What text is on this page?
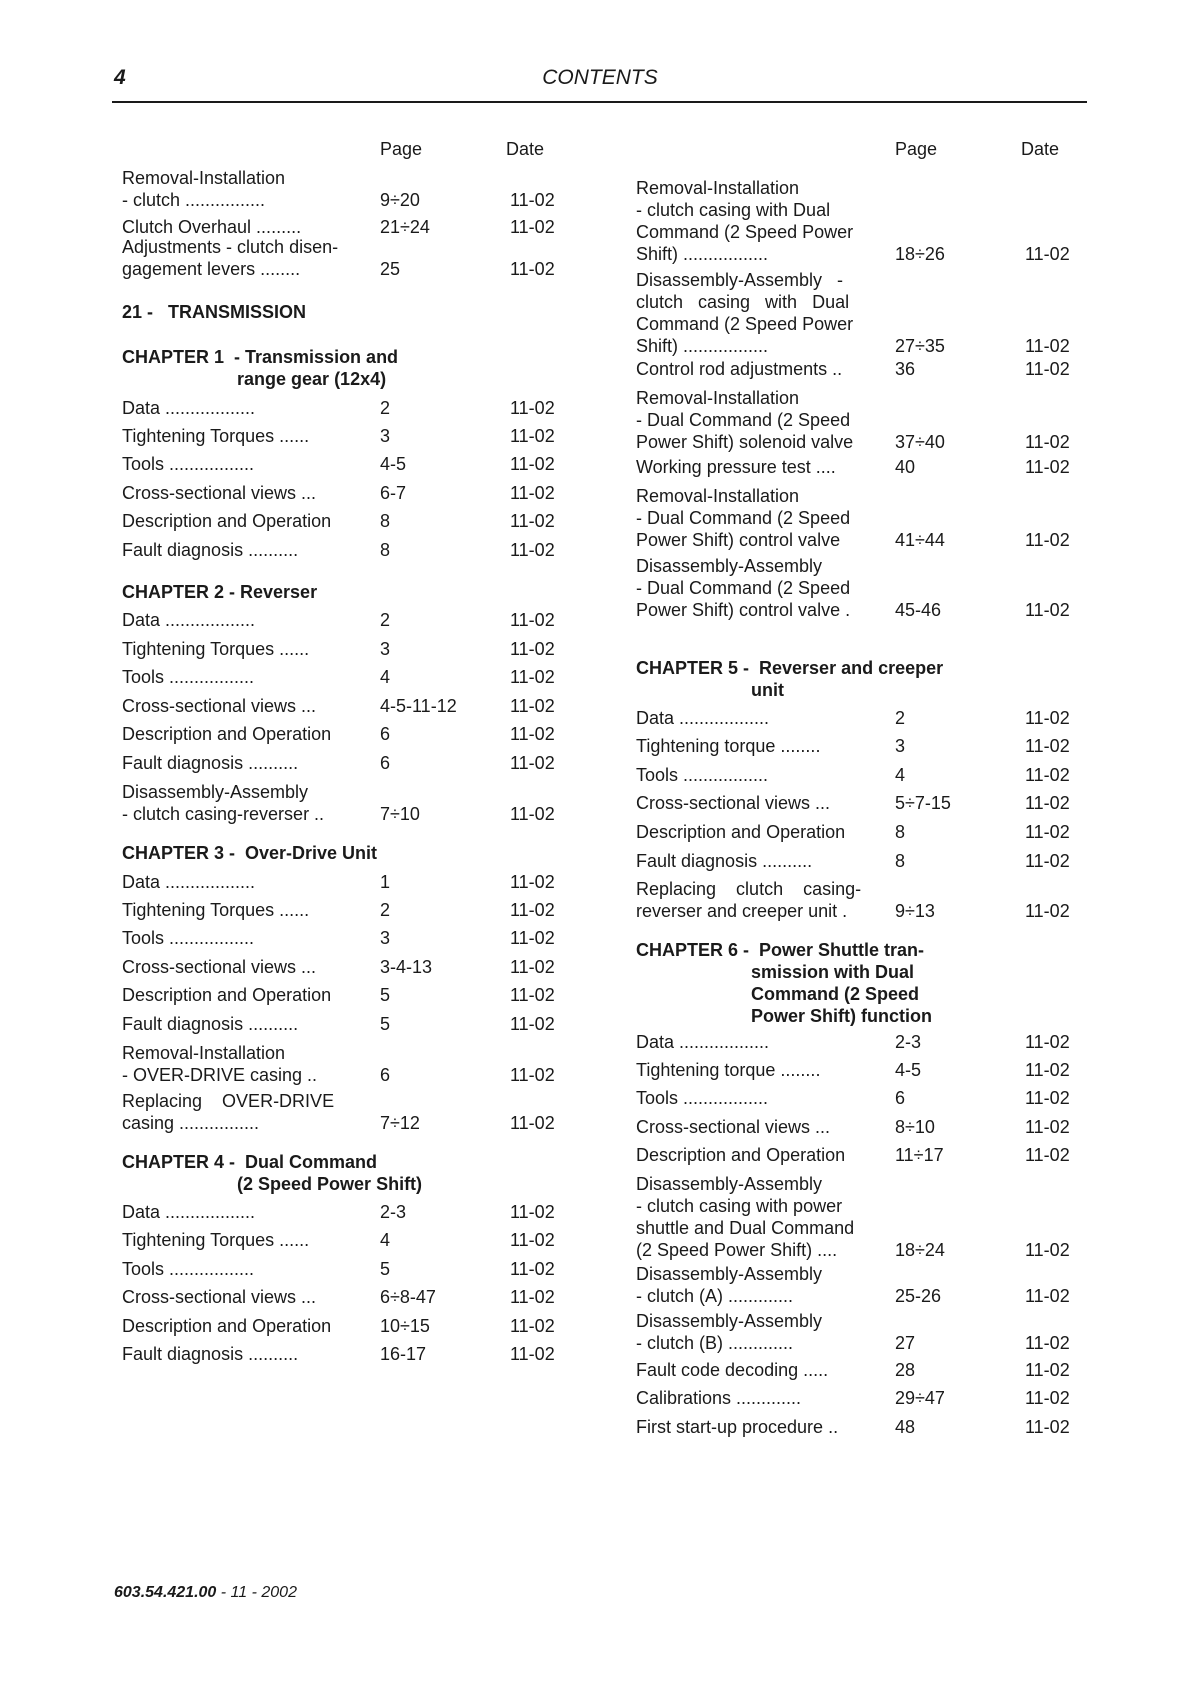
4	CONTENTS
Page	Date
Removal-Installation
- clutch ................	9÷20	11-02
Clutch Overhaul .........	21÷24	11-02
Adjustments - clutch disen-
gagement levers ........	25	11-02
21 -   TRANSMISSION
CHAPTER 1  - Transmission and
range gear (12x4)
Data ..................	2	11-02
Tightening Torques ......	3	11-02
Tools .................	4-5	11-02
Cross-sectional views ...	6-7	11-02
Description and Operation	8	11-02
Fault diagnosis ..........	8	11-02
CHAPTER 2 - Reverser
Data ..................	2	11-02
Tightening Torques ......	3	11-02
Tools .................	4	11-02
Cross-sectional views ...	4-5-11-12	11-02
Description and Operation	6	11-02
Fault diagnosis ..........	6	11-02
Disassembly-Assembly
- clutch casing-reverser ..	7÷10	11-02
CHAPTER 3 -  Over-Drive Unit
Data ..................	1	11-02
Tightening Torques ......	2	11-02
Tools .................	3	11-02
Cross-sectional views ...	3-4-13	11-02
Description and Operation	5	11-02
Fault diagnosis ..........	5	11-02
Removal-Installation
- OVER-DRIVE casing ..	6	11-02
Replacing    OVER-DRIVE
casing ................	7÷12	11-02
CHAPTER 4 -  Dual Command
(2 Speed Power Shift)
Data ..................	2-3	11-02
Tightening Torques ......	4	11-02
Tools .................	5	11-02
Cross-sectional views ...	6÷8-47	11-02
Description and Operation	10÷15	11-02
Fault diagnosis ..........	16-17	11-02
Page	Date
Removal-Installation
- clutch casing with Dual
Command (2 Speed Power
Shift) .................	18÷26	11-02
Disassembly-Assembly   -
clutch   casing   with   Dual
Command (2 Speed Power
Shift) .................	27÷35	11-02
Control rod adjustments ..	36	11-02
Removal-Installation
- Dual Command (2 Speed
Power Shift) solenoid valve 37÷40	11-02
Working pressure test ....	40	11-02
Removal-Installation
- Dual Command (2 Speed
Power Shift) control valve	41÷44	11-02
Disassembly-Assembly
- Dual Command (2 Speed
Power Shift) control valve . 45-46	11-02
CHAPTER 5 -  Reverser and creeper
unit
Data ..................	2	11-02
Tightening torque ........	3	11-02
Tools .................	4	11-02
Cross-sectional views ...	5÷7-15	11-02
Description and Operation	8	11-02
Fault diagnosis ..........	8	11-02
Replacing    clutch    casing-
reverser and creeper unit .	9÷13	11-02
CHAPTER 6 -  Power Shuttle tran-
smission with Dual
Command (2 Speed
Power Shift) function
Data ..................	2-3	11-02
Tightening torque ........	4-5	11-02
Tools .................	6	11-02
Cross-sectional views ...	8÷10	11-02
Description and Operation	11÷17	11-02
Disassembly-Assembly
- clutch casing with power
shuttle and Dual Command
(2 Speed Power Shift) ....	18÷24	11-02
Disassembly-Assembly
- clutch (A) .............	25-26	11-02
Disassembly-Assembly
- clutch (B) .............	27	11-02
Fault code decoding .....	28	11-02
Calibrations .............	29÷47	11-02
First start-up procedure ..	48	11-02
603.54.421.00 - 11 - 2002
